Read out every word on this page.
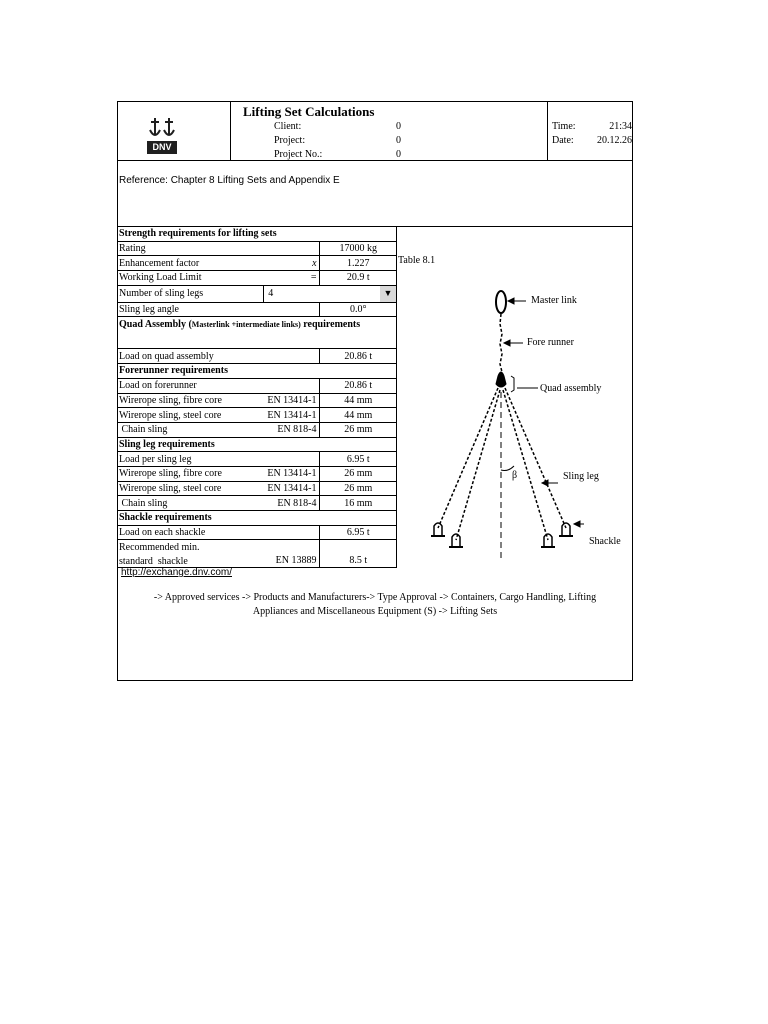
DNV
Lifting Set Calculations
Client:	0
Project:	0
Project No.:	0
Time:	21:34
Date:	20.12.26
Reference: Chapter 8 Lifting Sets and Appendix E
Strength requirements for lifting sets		
Rating		17000 kg
Enhancement factor	x	1.227
Working Load Limit	=	20.9 t
Number of sling legs	4 ▼	

Sling leg angle		0.0°
Quad Assembly (Masterlink +intermediate links) requirements		
Load on quad assembly		20.86 t
Forerunner requirements		
Load on forerunner		20.86 t
Wirerope sling, fibre core	EN 13414-1	44 mm
Wirerope sling, steel core	EN 13414-1	44 mm
Chain sling	EN 818-4	26 mm
Sling leg requirements		
Load per sling leg		6.95 t
Wirerope sling, fibre core	EN 13414-1	26 mm
Wirerope sling, steel core	EN 13414-1	26 mm
Chain sling	EN 818-4	16 mm
Shackle requirements		
Load on each shackle		6.95 t

Recommended min.
standard  shackle	EN 13889	8.5 t
Table 8.1
Master link
Fore runner
Quad assembly
β	Sling leg
Shackle
http://exchange.dnv.com/
-> Approved services -> Products and Manufacturers-> Type Approval -> Containers, Cargo Handling, Lifting
Appliances and Miscellaneous Equipment (S) -> Lifting Sets
